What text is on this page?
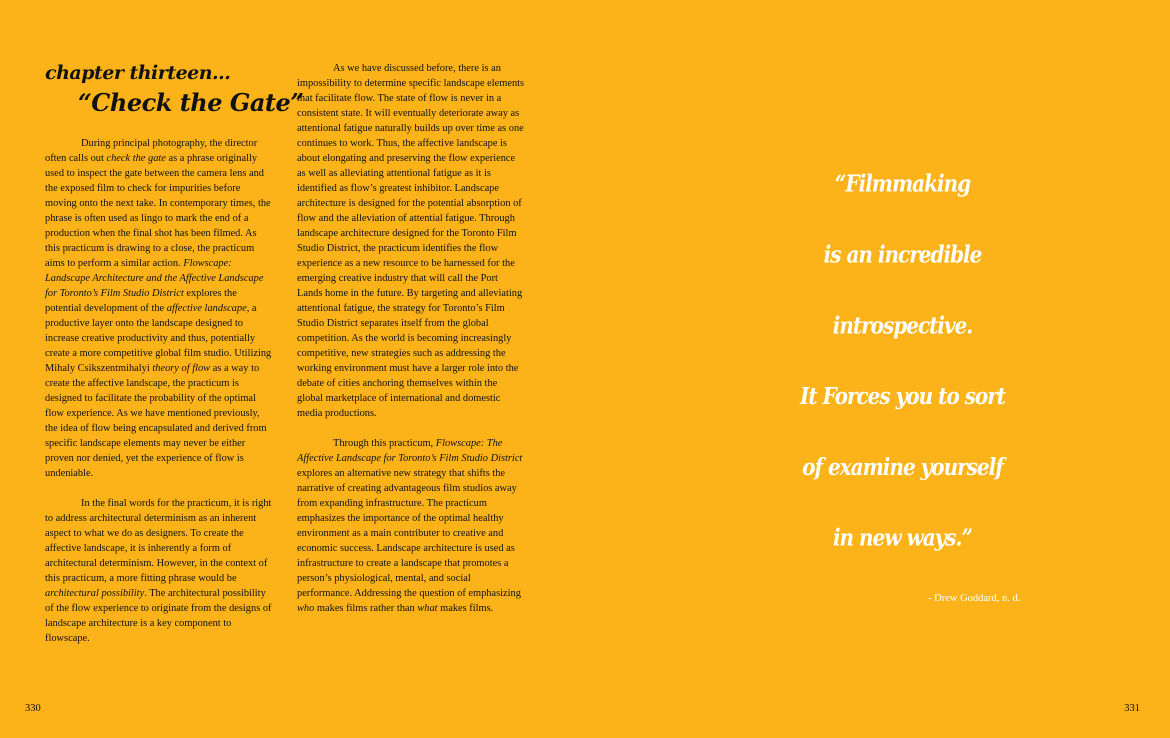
chapter thirteen...
“Check the Gate”

During principal photography, the director often calls out check the gate as a phrase originally used to inspect the gate between the camera lens and the exposed film to check for impurities before moving onto the next take. In contemporary times, the phrase is often used as lingo to mark the end of a production when the final shot has been filmed. As this practicum is drawing to a close, the practicum aims to perform a similar action. Flowscape: Landscape Architecture and the Affective Landscape for Toronto’s Film Studio District explores the potential development of the affective landscape, a productive layer onto the landscape designed to increase creative productivity and thus, potentially create a more competitive global film studio. Utilizing Mihaly Csikszentmihalyi theory of flow as a way to create the affective landscape, the practicum is designed to facilitate the probability of the optimal flow experience. As we have mentioned previously, the idea of flow being encapsulated and derived from specific landscape elements may never be either proven nor denied, yet the experience of flow is undeniable.

In the final words for the practicum, it is right to address architectural determinism as an inherent aspect to what we do as designers. To create the affective landscape, it is inherently a form of architectural determinism. However, in the context of this practicum, a more fitting phrase would be architectural possibility. The architectural possibility of the flow experience to originate from the designs of landscape architecture is a key component to flowscape.

As we have discussed before, there is an impossibility to determine specific landscape elements that facilitate flow. The state of flow is never in a consistent state. It will eventually deteriorate away as attentional fatigue naturally builds up over time as one continues to work. Thus, the affective landscape is about elongating and preserving the flow experience as well as alleviating attentional fatigue as it is identified as flow’s greatest inhibitor. Landscape architecture is designed for the potential absorption of flow and the alleviation of attential fatigue. Through landscape architecture designed for the Toronto Film Studio District, the practicum identifies the flow experience as a new resource to be harnessed for the emerging creative industry that will call the Port Lands home in the future. By targeting and alleviating attentional fatigue, the strategy for Toronto’s Film Studio District separates itself from the global competition. As the world is becoming increasingly competitive, new strategies such as addressing the working environment must have a larger role into the debate of cities anchoring themselves within the global marketplace of international and domestic media productions.

Through this practicum, Flowscape: The Affective Landscape for Toronto’s Film Studio District explores an alternative new strategy that shifts the narrative of creating advantageous film studios away from expanding infrastructure. The practicum emphasizes the importance of the optimal healthy environment as a main contributer to creative and economic success. Landscape architecture is used as infrastructure to create a landscape that promotes a person’s physiological, mental, and social performance. Addressing the question of emphasizing who makes films rather than what makes films.

330
“Filmmaking
is an incredible
introspective.
It Forces you to sort
of examine yourself
in new ways.”
- Drew Goddard, n. d.
331
